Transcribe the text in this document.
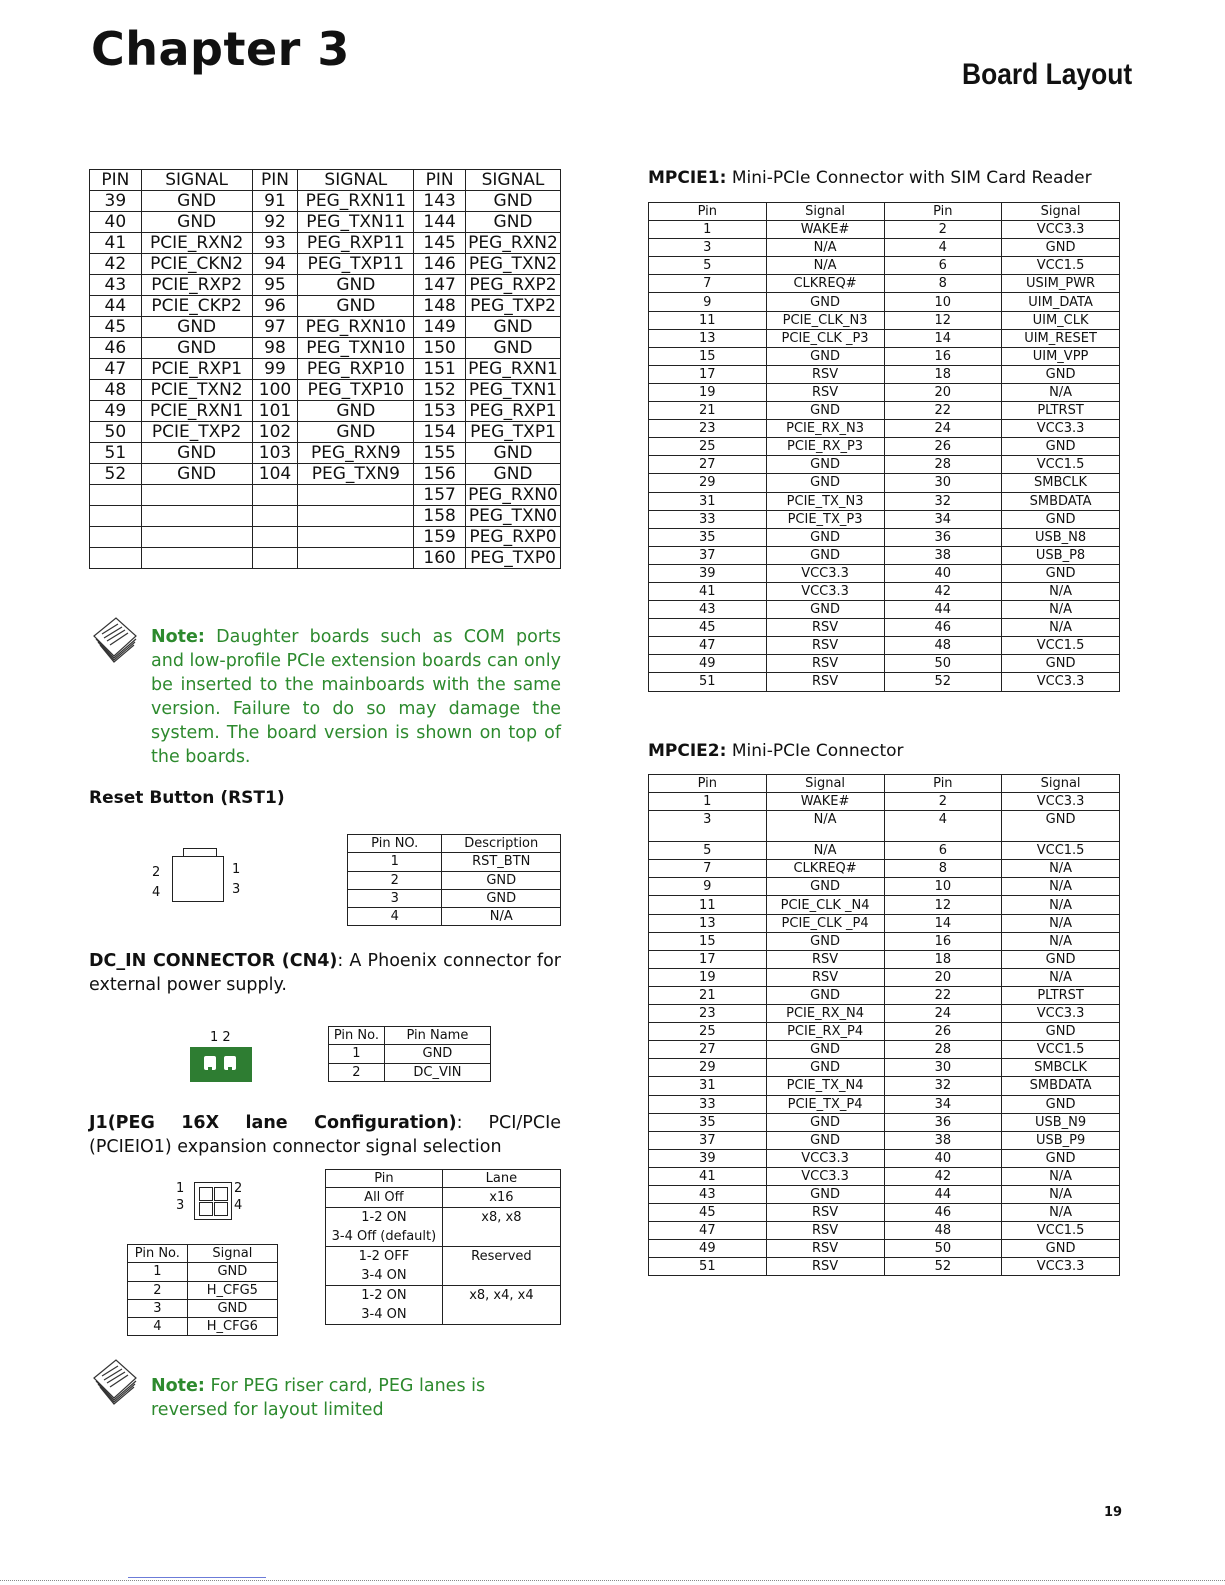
Chapter 3	Board Layout
PIN	SIGNAL	PIN	SIGNAL	PIN	SIGNAL
39	GND	91	PEG_RXN11	143	GND
40	GND	92	PEG_TXN11	144	GND
41	PCIE_RXN2	93	PEG_RXP11	145	PEG_RXN2
42	PCIE_CKN2	94	PEG_TXP11	146	PEG_TXN2
43	PCIE_RXP2	95	GND	147	PEG_RXP2
44	PCIE_CKP2	96	GND	148	PEG_TXP2
45	GND	97	PEG_RXN10	149	GND
46	GND	98	PEG_TXN10	150	GND
47	PCIE_RXP1	99	PEG_RXP10	151	PEG_RXN1
48	PCIE_TXN2	100	PEG_TXP10	152	PEG_TXN1
49	PCIE_RXN1	101	GND	153	PEG_RXP1
50	PCIE_TXP2	102	GND	154	PEG_TXP1
51	GND	103	PEG_RXN9	155	GND
52	GND	104	PEG_TXN9	156	GND
				157	PEG_RXN0
				158	PEG_TXN0
				159	PEG_RXP0
				160	PEG_TXP0
Note: Daughter boards such as COM ports and low-profile PCIe extension boards can only be inserted to the mainboards with the same version. Failure to do so may damage the system. The board version is shown on top of the boards.
Reset Button (RST1)
2	1
4	3
Pin NO.	Description
1	RST_BTN
2	GND
3	GND
4	N/A
DC_IN CONNECTOR (CN4): A Phoenix connector for external power supply.
1 2	Pin No.	Pin Name
1	GND
2	DC_VIN
J1(PEG 16X lane Configuration): PCI/PCIe (PCIEIO1) expansion connector signal selection
1	2
3	4
Pin No.	Signal
1	GND
2	H_CFG5
3	GND
4	H_CFG6
Pin	Lane

All Off	x16

1-2 ON
3-4 Off (default)	x8, x8

1-2 OFF
3-4 ON	Reserved

1-2 ON
3-4 ON	x8, x4, x4
Note: For PEG riser card, PEG lanes is reversed for layout limited
MPCIE1: Mini-PCIe Connector with SIM Card Reader
Pin	Signal	Pin	Signal
1	WAKE#	2	VCC3.3
3	N/A	4	GND
5	N/A	6	VCC1.5
7	CLKREQ#	8	USIM_PWR
9	GND	10	UIM_DATA
11	PCIE_CLK_N3	12	UIM_CLK
13	PCIE_CLK _P3	14	UIM_RESET
15	GND	16	UIM_VPP
17	RSV	18	GND
19	RSV	20	N/A
21	GND	22	PLTRST
23	PCIE_RX_N3	24	VCC3.3
25	PCIE_RX_P3	26	GND
27	GND	28	VCC1.5
29	GND	30	SMBCLK
31	PCIE_TX_N3	32	SMBDATA
33	PCIE_TX_P3	34	GND
35	GND	36	USB_N8
37	GND	38	USB_P8
39	VCC3.3	40	GND
41	VCC3.3	42	N/A
43	GND	44	N/A
45	RSV	46	N/A
47	RSV	48	VCC1.5
49	RSV	50	GND
51	RSV	52	VCC3.3
MPCIE2: Mini-PCIe Connector
Pin	Signal	Pin	Signal
1	WAKE#	2	VCC3.3
3	N/A	4	GND
5	N/A	6	VCC1.5
7	CLKREQ#	8	N/A
9	GND	10	N/A
11	PCIE_CLK _N4	12	N/A
13	PCIE_CLK _P4	14	N/A
15	GND	16	N/A
17	RSV	18	GND
19	RSV	20	N/A
21	GND	22	PLTRST
23	PCIE_RX_N4	24	VCC3.3
25	PCIE_RX_P4	26	GND
27	GND	28	VCC1.5
29	GND	30	SMBCLK
31	PCIE_TX_N4	32	SMBDATA
33	PCIE_TX_P4	34	GND
35	GND	36	USB_N9
37	GND	38	USB_P9
39	VCC3.3	40	GND
41	VCC3.3	42	N/A
43	GND	44	N/A
45	RSV	46	N/A
47	RSV	48	VCC1.5
49	RSV	50	GND
51	RSV	52	VCC3.3
19
